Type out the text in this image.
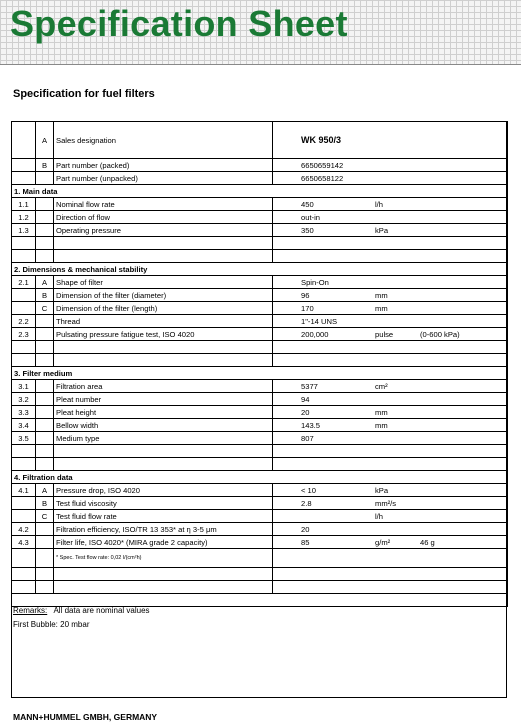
Specification Sheet
Specification for fuel filters
	A	Sales designation	WK 950/3
	B	Part number (packed)	6650659142
		Part number (unpacked)	6650658122
1. Main data			
1.1		Nominal flow rate	450 l/h
1.2		Direction of flow	out-in
1.3		Operating pressure	350 kPa

2. Dimensions & mechanical stability			
2.1	A	Shape of filter	Spin-On
	B	Dimension of the filter (diameter)	96 mm
	C	Dimension of the filter (length)	170 mm
2.2		Thread	1"-14 UNS
2.3		Pulsating pressure fatigue test, ISO 4020	200,000 pulse (0-600 kPa)

3. Filter medium			
3.1		Filtration area	5377 cm²
3.2		Pleat number	94
3.3		Pleat height	20 mm
3.4		Bellow width	143.5 mm
3.5		Medium type	807

4. Filtration data			
4.1	A	Pressure drop, ISO 4020	< 10 kPa
	B	Test fluid viscosity	2.8 mm²/s
	C	Test fluid flow rate	l/h
4.2		Filtration efficiency, ISO/TR 13 353* at η 3-5 μm	20
4.3		Filter life, ISO 4020* (MIRA grade 2 capacity)	85 g/m² 46 g
		* Spec. Test flow rate: 0,02 l/(cm²h)	

Remarks: All data are nominal values
First Bubble: 20 mbar
MANN+HUMMEL GMBH, GERMANY
